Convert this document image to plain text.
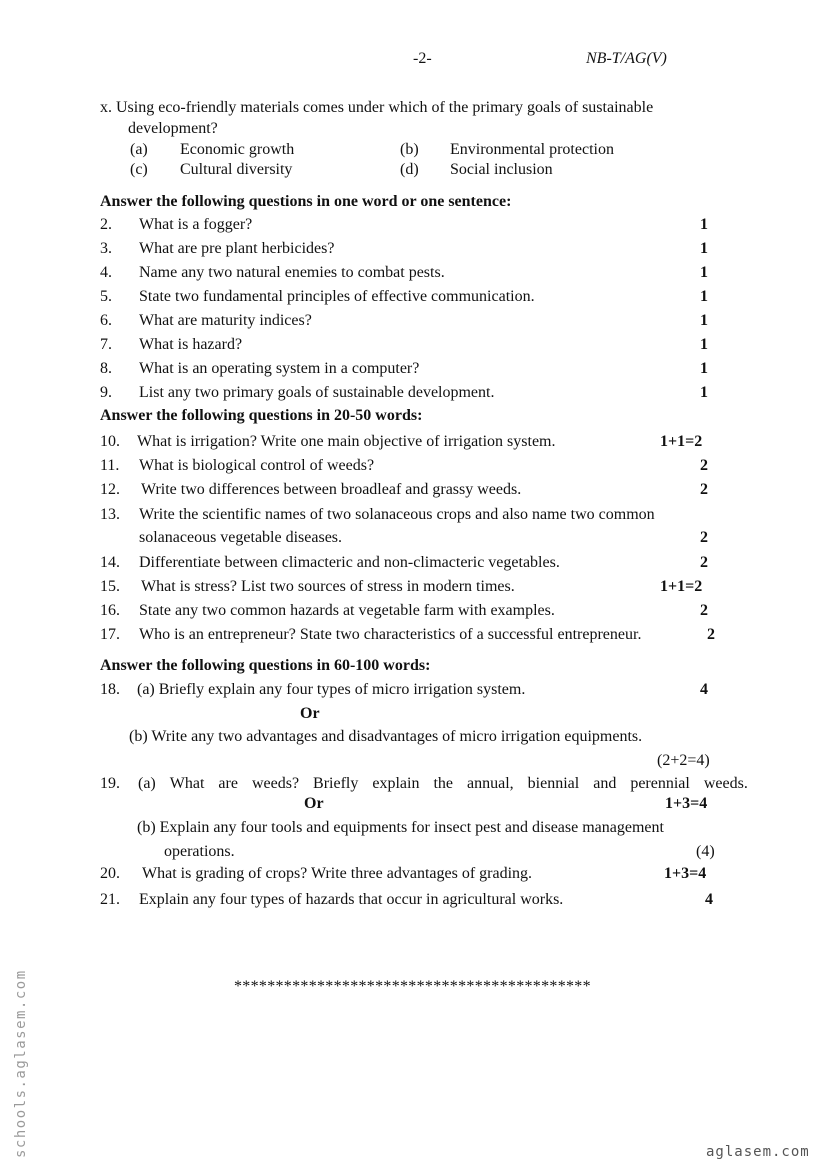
-2-	NB-T/AG(V)
x. Using eco-friendly materials comes under which of the primary goals of sustainable
development?
(a) Economic growth	(b) Environmental protection
(c) Cultural diversity	(d) Social inclusion
Answer the following questions in one word or one sentence:
2. What is a fogger?	1
3. What are pre plant herbicides?	1
4. Name any two natural enemies to combat pests.	1
5. State two fundamental principles of effective communication.	1
6. What are maturity indices?	1
7. What is hazard?	1
8. What is an operating system in a computer?	1
9. List any two primary goals of sustainable development.	1
Answer the following questions in 20-50 words:
10. What is irrigation? Write one main objective of irrigation system.	1+1=2
11. What is biological control of weeds?	2
12. Write two differences between broadleaf and grassy weeds.	2
13. Write the scientific names of two solanaceous crops and also name two common
solanaceous vegetable diseases.	2
14. Differentiate between climacteric and non-climacteric vegetables.	2
15. What is stress? List two sources of stress in modern times.	1+1=2
16. State any two common hazards at vegetable farm with examples.	2
17. Who is an entrepreneur? State two characteristics of a successful entrepreneur.	2
Answer the following questions in 60-100 words:
18. (a) Briefly explain any four types of micro irrigation system.	4
Or
(b) Write any two advantages and disadvantages of micro irrigation equipments.
(2+2=4)
19. (a) What are weeds? Briefly explain the annual, biennial and perennial weeds.
Or	1+3=4
(b) Explain any four tools and equipments for insect pest and disease management
operations.	(4)
20. What is grading of crops? Write three advantages of grading.	1+3=4
21. Explain any four types of hazards that occur in agricultural works.	4
*******************************************
schools.aglasem.com	aglasem.com
